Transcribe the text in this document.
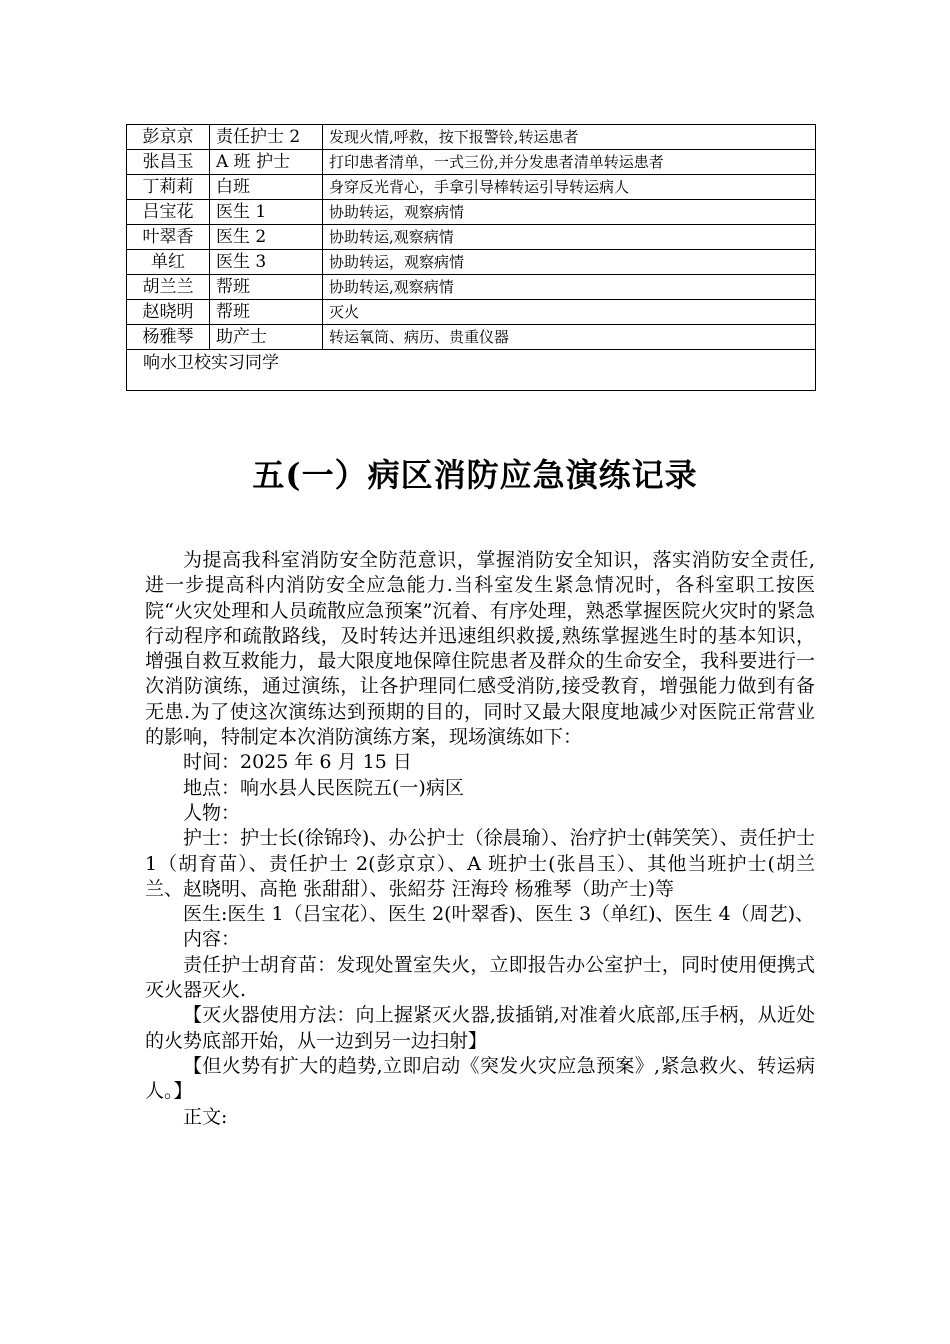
彭京京	责任护士 2	发现火情,呼救，按下报警铃,转运患者
张昌玉	A 班 护士	打印患者清单，一式三份,并分发患者清单转运患者
丁莉莉	白班	身穿反光背心，手拿引导棒转运引导转运病人
吕宝花	医生 1	协助转运，观察病情
叶翠香	医生 2	协助转运,观察病情
单红	医生 3	协助转运，观察病情
胡兰兰	帮班	协助转运,观察病情
赵晓明	帮班	灭火
杨雅琴	助产士	转运氧筒、病历、贵重仪器
响水卫校实习同学		
五(一）病区消防应急演练记录

为提高我科室消防安全防范意识，掌握消防安全知识，落实消防安全责任,进一步提高科内消防安全应急能力.当科室发生紧急情况时，各科室职工按医院“火灾处理和人员疏散应急预案”沉着、有序处理，熟悉掌握医院火灾时的紧急行动程序和疏散路线，及时转达并迅速组织救援,熟练掌握逃生时的基本知识，增强自救互救能力，最大限度地保障住院患者及群众的生命安全，我科要进行一次消防演练，通过演练，让各护理同仁感受消防,接受教育，增强能力做到有备无患.为了使这次演练达到预期的目的，同时又最大限度地减少对医院正常营业的影响，特制定本次消防演练方案，现场演练如下：

时间：2025 年 6 月 15 日

地点：响水县人民医院五(一)病区

人物：

护士：护士长(徐锦玲)、办公护士（徐晨瑜）、治疗护士(韩笑笑）、责任护士 1（胡育苗）、责任护士 2(彭京京）、A 班护士(张昌玉）、其他当班护士(胡兰兰、赵晓明、高艳 张甜甜）、张紹芬 汪海玲 杨雅琴（助产士)等

医生:医生 1（吕宝花）、医生 2(叶翠香)、医生 3（单红)、医生 4（周艺)、

内容：

责任护士胡育苗：发现处置室失火，立即报告办公室护士，同时使用便携式灭火器灭火.

【灭火器使用方法：向上握紧灭火器,拔插销,对准着火底部,压手柄，从近处的火势底部开始，从一边到另一边扫射】

【但火势有扩大的趋势,立即启动《突发火灾应急预案》,紧急救火、转运病人。】

正文:
